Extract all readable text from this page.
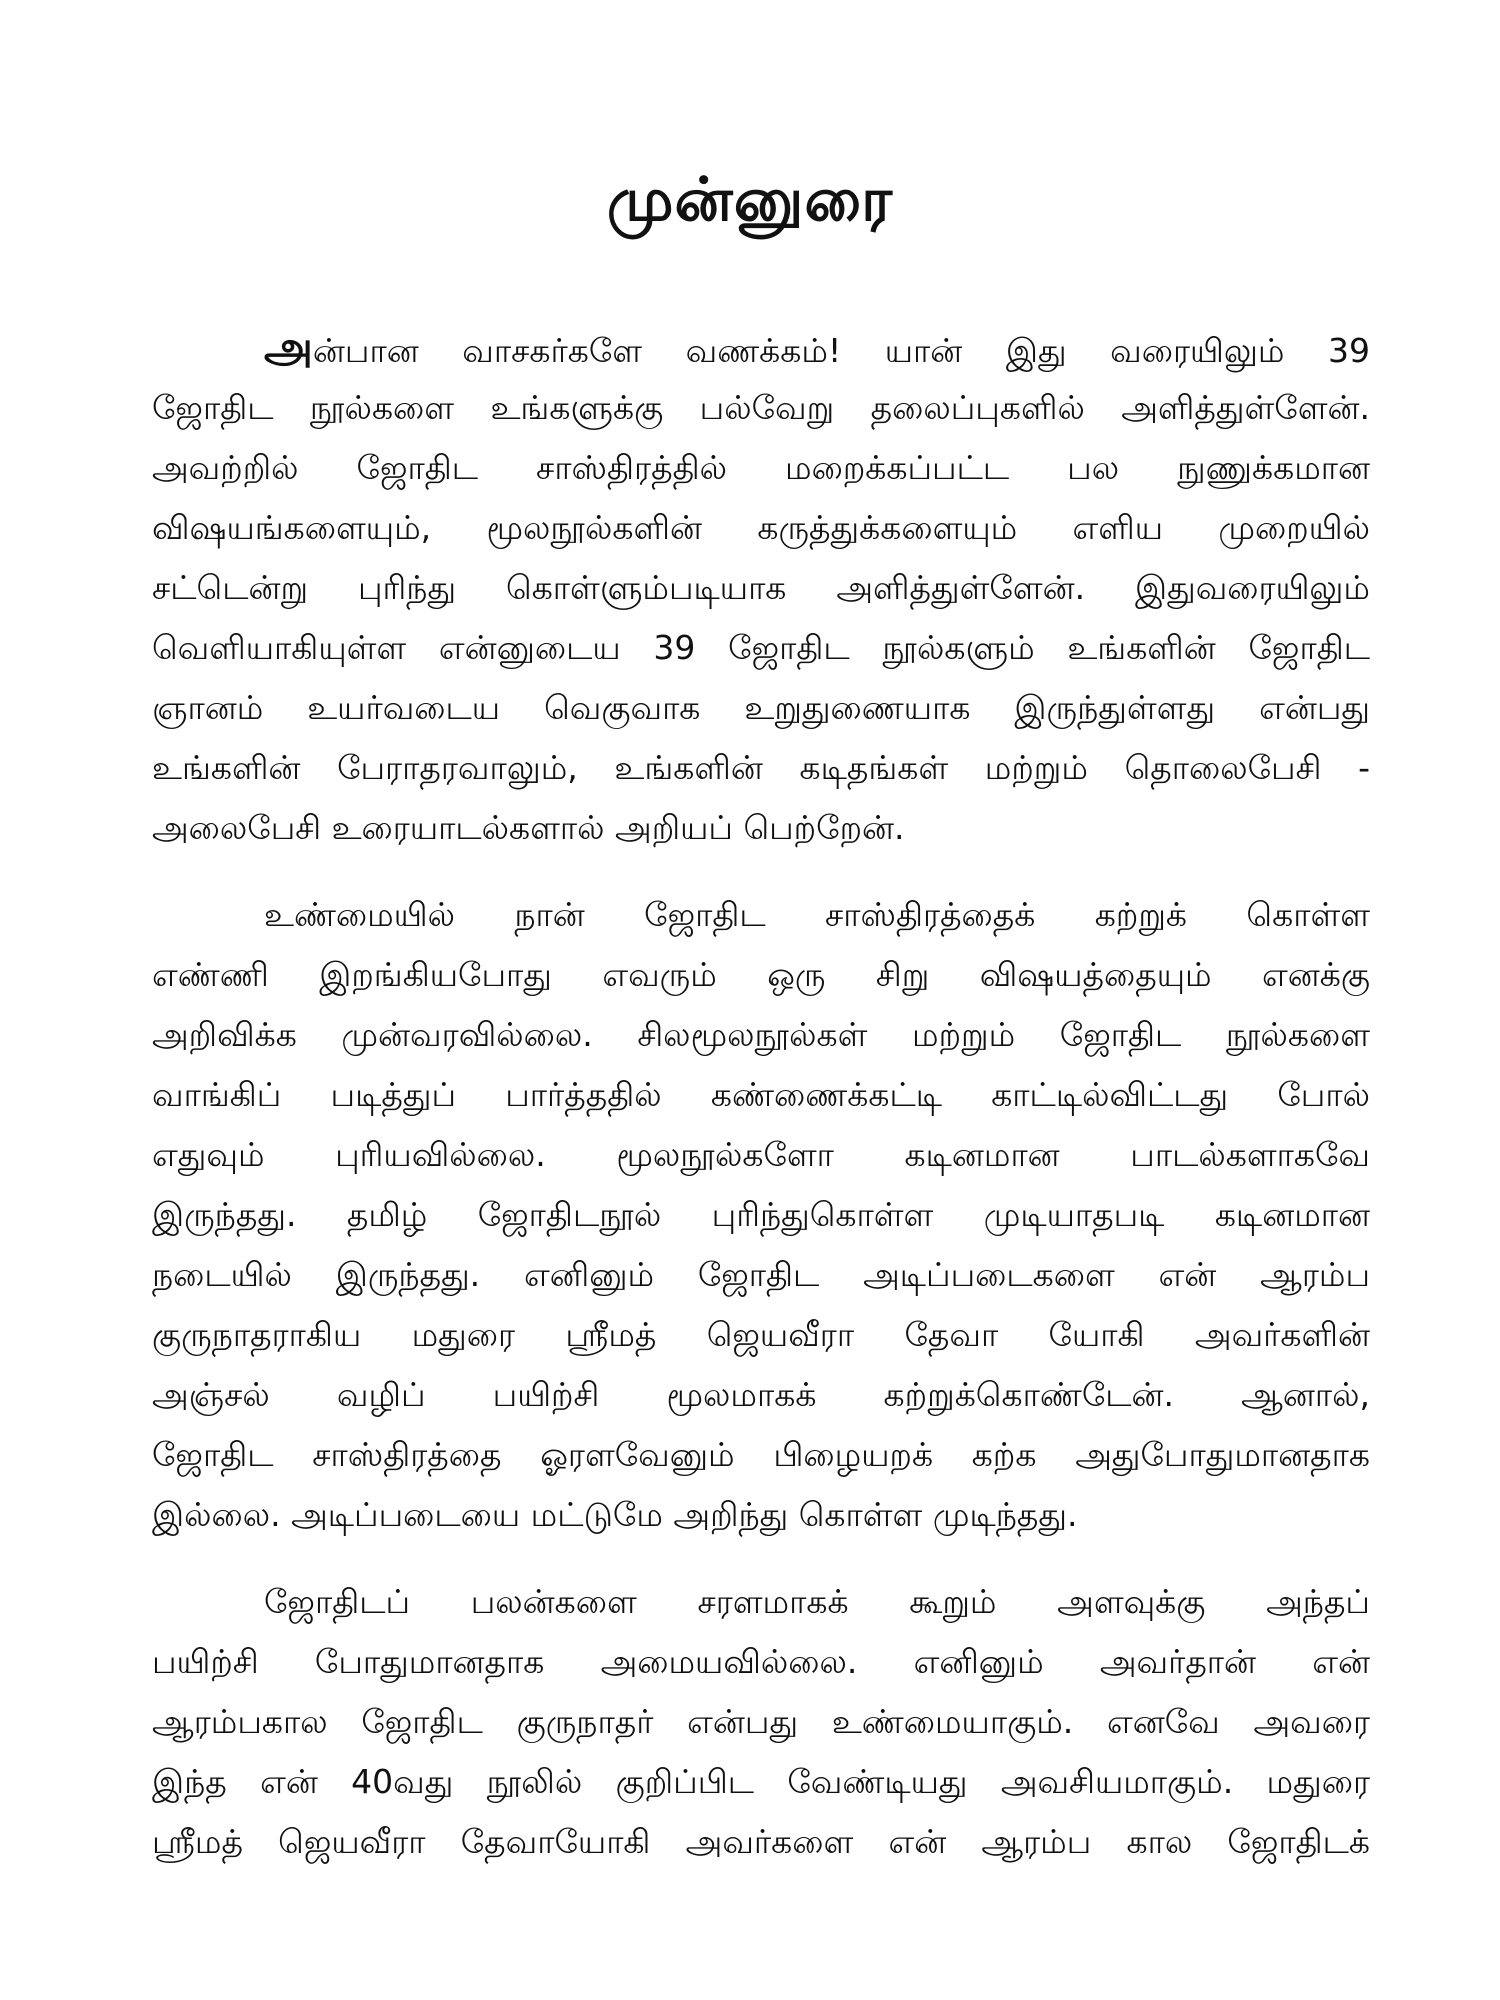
முன்னுரை

அன்பான வாசகர்களே வணக்கம்! யான் இது வரையிலும் 39
ஜோதிட நூல்களை உங்களுக்கு பல்வேறு தலைப்புகளில் அளித்துள்ளேன்.
அவற்றில் ஜோதிட சாஸ்திரத்தில் மறைக்கப்பட்ட பல நுணுக்கமான
விஷயங்களையும், மூலநூல்களின் கருத்துக்களையும் எளிய முறையில்
சட்டென்று புரிந்து கொள்ளும்படியாக அளித்துள்ளேன். இதுவரையிலும்
வெளியாகியுள்ள என்னுடைய 39 ஜோதிட நூல்களும் உங்களின் ஜோதிட
ஞானம் உயர்வடைய வெகுவாக உறுதுணையாக இருந்துள்ளது என்பது
உங்களின் பேராதரவாலும், உங்களின் கடிதங்கள் மற்றும் தொலைபேசி -
அலைபேசி உரையாடல்களால் அறியப் பெற்றேன்.

உண்மையில் நான் ஜோதிட சாஸ்திரத்தைக் கற்றுக் கொள்ள
எண்ணி இறங்கியபோது எவரும் ஒரு சிறு விஷயத்தையும் எனக்கு
அறிவிக்க முன்வரவில்லை. சிலமூலநூல்கள் மற்றும் ஜோதிட நூல்களை
வாங்கிப் படித்துப் பார்த்ததில் கண்ணைக்கட்டி காட்டில்விட்டது போல்
எதுவும் புரியவில்லை. மூலநூல்களோ கடினமான பாடல்களாகவே
இருந்தது. தமிழ் ஜோதிடநூல் புரிந்துகொள்ள முடியாதபடி கடினமான
நடையில் இருந்தது. எனினும் ஜோதிட அடிப்படைகளை என் ஆரம்ப
குருநாதராகிய மதுரை ஸ்ரீமத் ஜெயவீரா தேவா யோகி அவர்களின்
அஞ்சல் வழிப் பயிற்சி மூலமாகக் கற்றுக்கொண்டேன். ஆனால்,
ஜோதிட சாஸ்திரத்தை ஓரளவேனும் பிழையறக் கற்க அதுபோதுமானதாக
இல்லை. அடிப்படையை மட்டுமே அறிந்து கொள்ள முடிந்தது.

ஜோதிடப் பலன்களை சரளமாகக் கூறும் அளவுக்கு அந்தப்
பயிற்சி போதுமானதாக அமையவில்லை. எனினும் அவர்தான் என்
ஆரம்பகால ஜோதிட குருநாதர் என்பது உண்மையாகும். எனவே அவரை
இந்த என் 40வது நூலில் குறிப்பிட வேண்டியது அவசியமாகும். மதுரை
ஸ்ரீமத் ஜெயவீரா தேவாயோகி அவர்களை என் ஆரம்ப கால ஜோதிடக்
